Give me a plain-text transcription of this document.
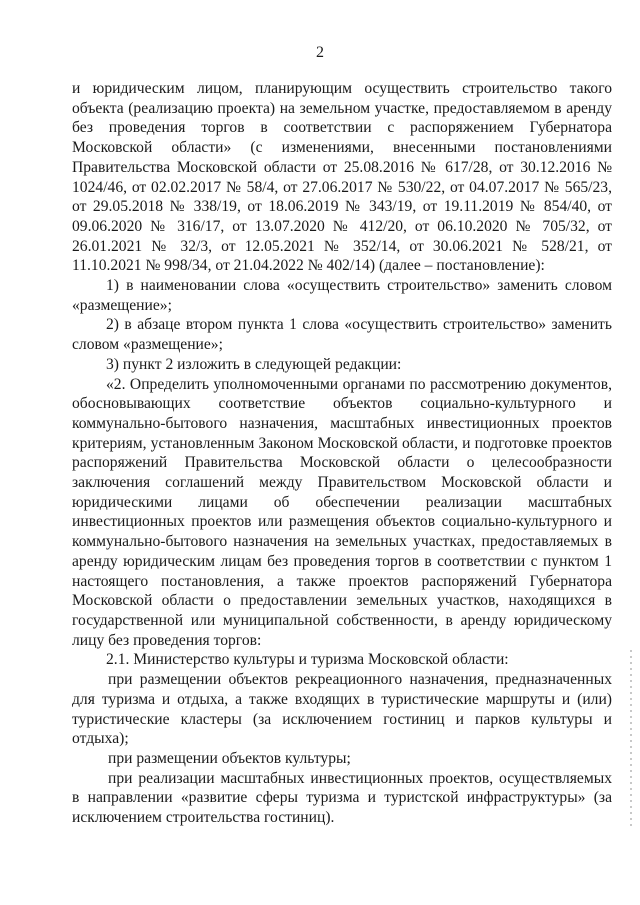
2

и юридическим лицом, планирующим осуществить строительство такого объекта (реализацию проекта) на земельном участке, предоставляемом в аренду без проведения торгов в соответствии с распоряжением Губернатора Московской области» (с изменениями, внесенными постановлениями Правительства Московской области от 25.08.2016 № 617/28, от 30.12.2016 № 1024/46, от 02.02.2017 № 58/4, от 27.06.2017 № 530/22, от 04.07.2017 № 565/23, от 29.05.2018 № 338/19, от 18.06.2019 № 343/19, от 19.11.2019 № 854/40, от 09.06.2020 № 316/17, от 13.07.2020 № 412/20, от 06.10.2020 № 705/32, от 26.01.2021 № 32/3, от 12.05.2021 № 352/14, от 30.06.2021 № 528/21, от 11.10.2021 № 998/34, от 21.04.2022 № 402/14) (далее – постановление):

1) в наименовании слова «осуществить строительство» заменить словом «размещение»;

2) в абзаце втором пункта 1 слова «осуществить строительство» заменить словом «размещение»;

3) пункт 2 изложить в следующей редакции:

«2. Определить уполномоченными органами по рассмотрению документов, обосновывающих соответствие объектов социально-культурного и коммунально-бытового назначения, масштабных инвестиционных проектов критериям, установленным Законом Московской области, и подготовке проектов распоряжений Правительства Московской области о целесообразности заключения соглашений между Правительством Московской области и юридическими лицами об обеспечении реализации масштабных инвестиционных проектов или размещения объектов социально-культурного и коммунально-бытового назначения на земельных участках, предоставляемых в аренду юридическим лицам без проведения торгов в соответствии с пунктом 1 настоящего постановления, а также проектов распоряжений Губернатора Московской области о предоставлении земельных участков, находящихся в государственной или муниципальной собственности, в аренду юридическому лицу без проведения торгов:

2.1. Министерство культуры и туризма Московской области:

при размещении объектов рекреационного назначения, предназначенных для туризма и отдыха, а также входящих в туристические маршруты и (или) туристические кластеры (за исключением гостиниц и парков культуры и отдыха);

при размещении объектов культуры;

при реализации масштабных инвестиционных проектов, осуществляемых в направлении «развитие сферы туризма и туристской инфраструктуры» (за исключением строительства гостиниц).
